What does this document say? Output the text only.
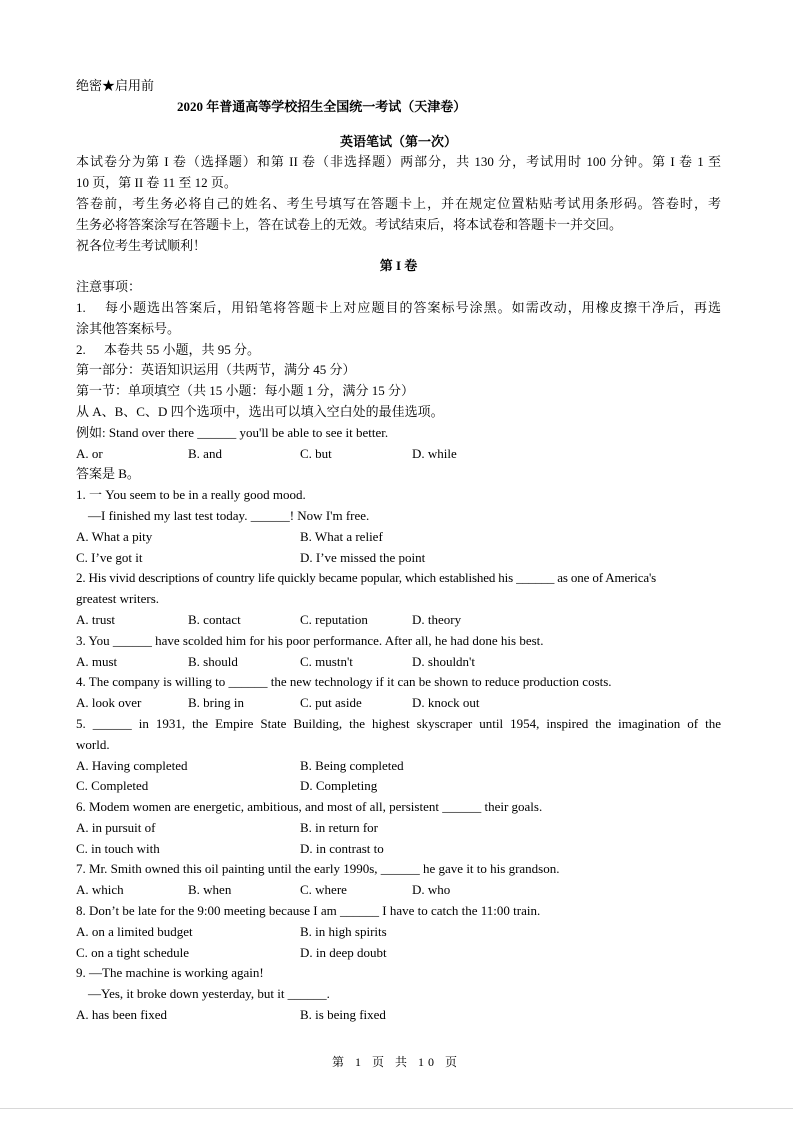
绝密★启用前
2020 年普通高等学校招生全国统一考试（天津卷）
英语笔试（第一次）
本试卷分为第 I 卷（选择题）和第 II 卷（非选择题）两部分，共 130 分，考试用时 100 分钟。第 I 卷 1 至
10 页，第 II 卷 11 至 12 页。
答卷前，考生务必将自己的姓名、考生号填写在答题卡上，并在规定位置粘贴考试用条形码。答卷时，考
生务必将答案涂写在答题卡上，答在试卷上的无效。考试结束后，将本试卷和答题卡一并交回。
祝各位考生考试顺利！
第 I 卷
注意事项：
1. 每小题选出答案后，用铅笔将答题卡上对应题目的答案标号涂黑。如需改动，用橡皮擦干净后，再选
涂其他答案标号。
2. 本卷共 55 小题，共 95 分。
第一部分：英语知识运用（共两节，满分 45 分）
第一节：单项填空（共 15 小题：每小题 1 分，满分 15 分）
从 A、B、C、D 四个选项中，选出可以填入空白处的最佳选项。
例如: Stand over there ______ you'll be able to see it better.
A. or	B. and	C. but	D. while
答案是 B。
1. 一 You seem to be in a really good mood.
—I finished my last test today. ______! Now I'm free.
A. What a pity	B. What a relief
C. I’ve got it	D. I’ve missed the point
2. His vivid descriptions of country life quickly became popular, which established his ______ as one of America's
greatest writers.
A. trust	B. contact	C. reputation	D. theory
3. You ______ have scolded him for his poor performance. After all, he had done his best.
A. must	B. should	C. mustn't	D. shouldn't
4. The company is willing to ______ the new technology if it can be shown to reduce production costs.
A. look over	B. bring in	C. put aside	D. knock out
5. ______ in 1931, the Empire State Building, the highest skyscraper until 1954, inspired the imagination of the
world.
A. Having completed	B. Being completed
C. Completed	D. Completing
6. Modem women are energetic, ambitious, and most of all, persistent ______ their goals.
A. in pursuit of	B. in return for
C. in touch with	D. in contrast to
7. Mr. Smith owned this oil painting until the early 1990s, ______ he gave it to his grandson.
A. which	B. when	C. where	D. who
8. Don’t be late for the 9:00 meeting because I am ______ I have to catch the 11:00 train.
A. on a limited budget	B. in high spirits
C. on a tight schedule	D. in deep doubt
9. —The machine is working again!
—Yes, it broke down yesterday, but it ______.
A. has been fixed	B. is being fixed
第 1 页 共 10 页
